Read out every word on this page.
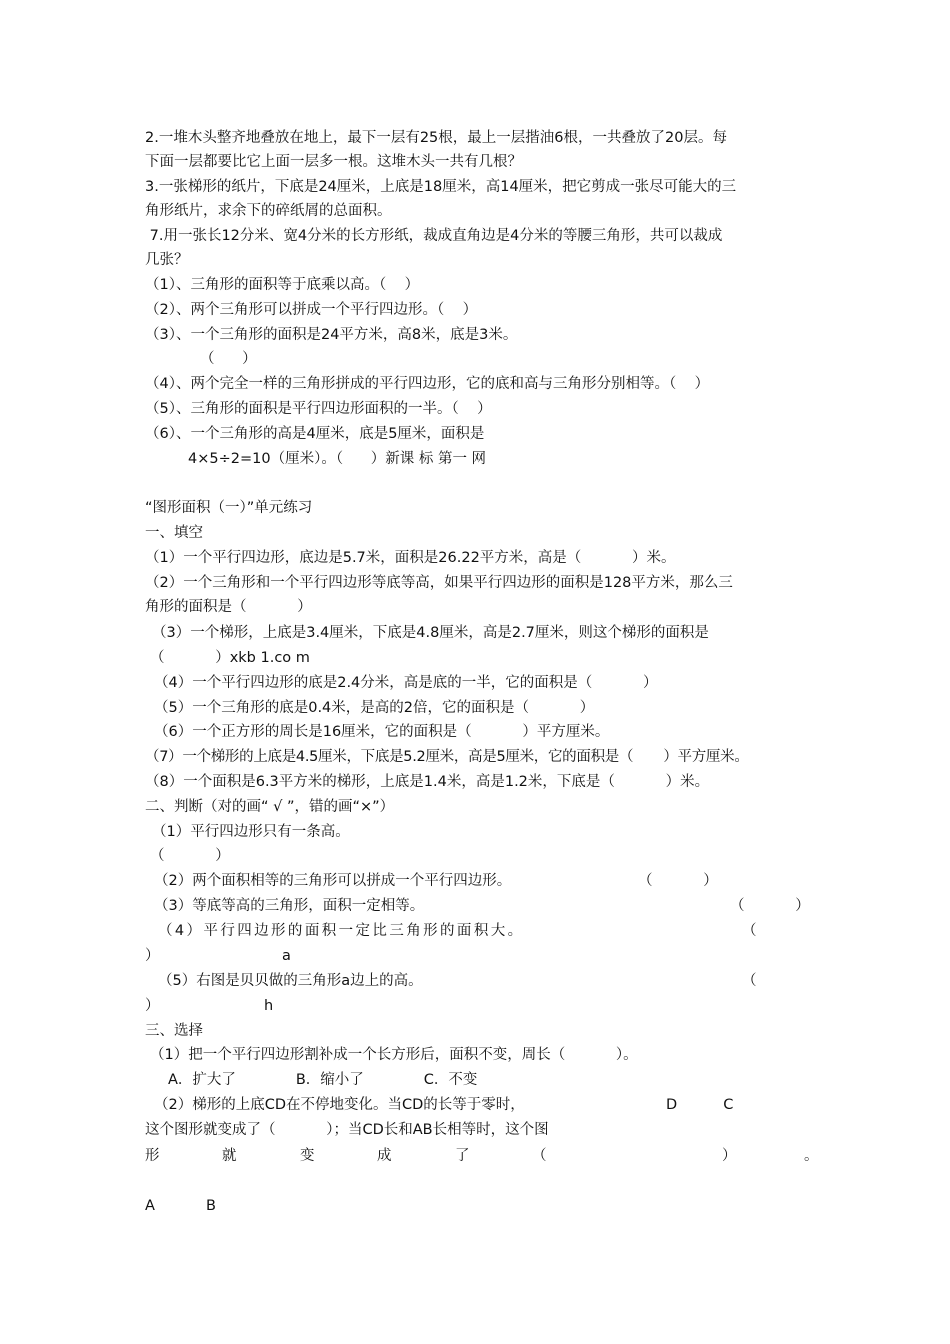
2.一堆木头整齐地叠放在地上，最下一层有25根，最上一层揩油6根，一共叠放了20层。每
下面一层都要比它上面一层多一根。这堆木头一共有几根？
3.一张梯形的纸片，下底是24厘米，上底是18厘米，高14厘米，把它剪成一张尽可能大的三
角形纸片，求余下的碎纸屑的总面积。
7.用一张长12分米、宽4分米的长方形纸，裁成直角边是4分米的等腰三角形，共可以裁成
几张？
（1）、三角形的面积等于底乘以高。（    ）
（2）、两个三角形可以拼成一个平行四边形。（    ）
（3）、一个三角形的面积是24平方米，高8米，底是3米。
（      ）
（4）、两个完全一样的三角形拼成的平行四边形，它的底和高与三角形分别相等。（    ）
（5）、三角形的面积是平行四边形面积的一半。（    ）
（6）、一个三角形的高是4厘米，底是5厘米，面积是
4×5÷2=10（厘米）。（      ）新课 标 第一 网
“图形面积（一）”单元练习
一、填空
（1）一个平行四边形，底边是5.7米，面积是26.22平方米，高是（           ）米。
（2）一个三角形和一个平行四边形等底等高，如果平行四边形的面积是128平方米，那么三
角形的面积是（           ）
（3）一个梯形，上底是3.4厘米，下底是4.8厘米，高是2.7厘米，则这个梯形的面积是
（           ）xkb 1.co m
（4）一个平行四边形的底是2.4分米，高是底的一半，它的面积是（           ）
（5）一个三角形的底是0.4米，是高的2倍，它的面积是（           ）
（6）一个正方形的周长是16厘米，它的面积是（           ）平方厘米。
（7）一个梯形的上底是4.5厘米，下底是5.2厘米，高是5厘米，它的面积是（       ）平方厘米。
（8）一个面积是6.3平方米的梯形，上底是1.4米，高是1.2米，下底是（           ）米。
二、判断（对的画“ √ ”，错的画“×”）
（1）平行四边形只有一条高。
（           ）
（2）两个面积相等的三角形可以拼成一个平行四边形。	（           ）
（3）等底等高的三角形，面积一定相等。	（           ）
（4）平行四边形的面积一定比三角形的面积大。	（
）	a
（5）右图是贝贝做的三角形a边上的高。	（
）	h
三、选择
（1）把一个平行四边形割补成一个长方形后，面积不变，周长（           ）。
A．扩大了             B．缩小了             C．不变
（2）梯形的上底CD在不停地变化。当CD的长等于零时，	D          C
这个图形就变成了（           ）；当CD长和AB长相等时，这个图
形	就	变	成	了	（	）	。
A	B
